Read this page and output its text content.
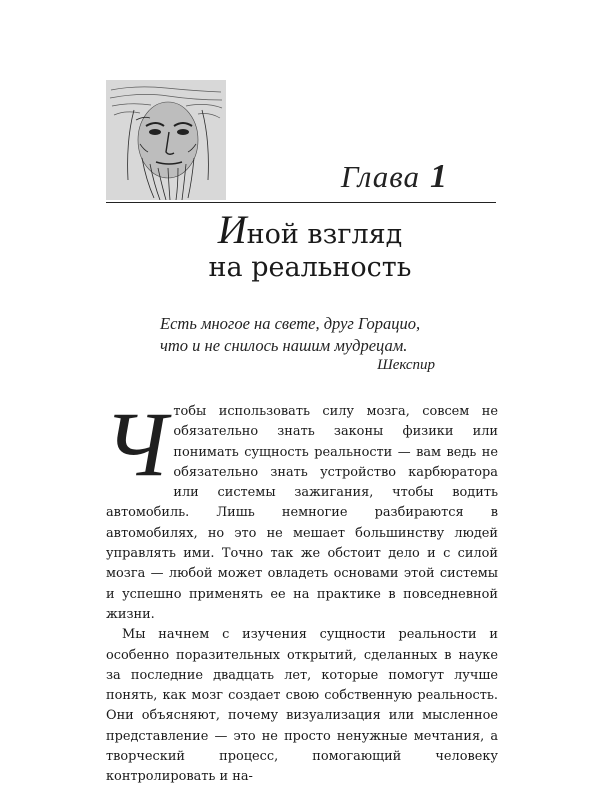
Глава 1
Иной взгляд
на реальность
Есть многое на свете, друг Горацио,
что и не снилось нашим мудрецам.
Шекспир

Чтобы использовать силу мозга, совсем не обязательно знать законы физики или понимать сущность реальности — вам ведь не обязательно знать устройство карбюратора или системы зажигания, чтобы водить автомобиль. Лишь немногие разбираются в автомобилях, но это не мешает большинству людей управлять ими. Точно так же обстоит дело и с силой мозга — любой может овладеть основами этой системы и успешно применять ее на практике в повседневной жизни.

Мы начнем с изучения сущности реальности и особенно поразительных открытий, сделанных в науке за последние двадцать лет, которые помогут лучше понять, как мозг создает свою собственную реальность. Они объясняют, почему визуализация или мысленное представление — это не просто ненужные мечтания, а творческий процесс, помогающий человеку контролировать и на-
